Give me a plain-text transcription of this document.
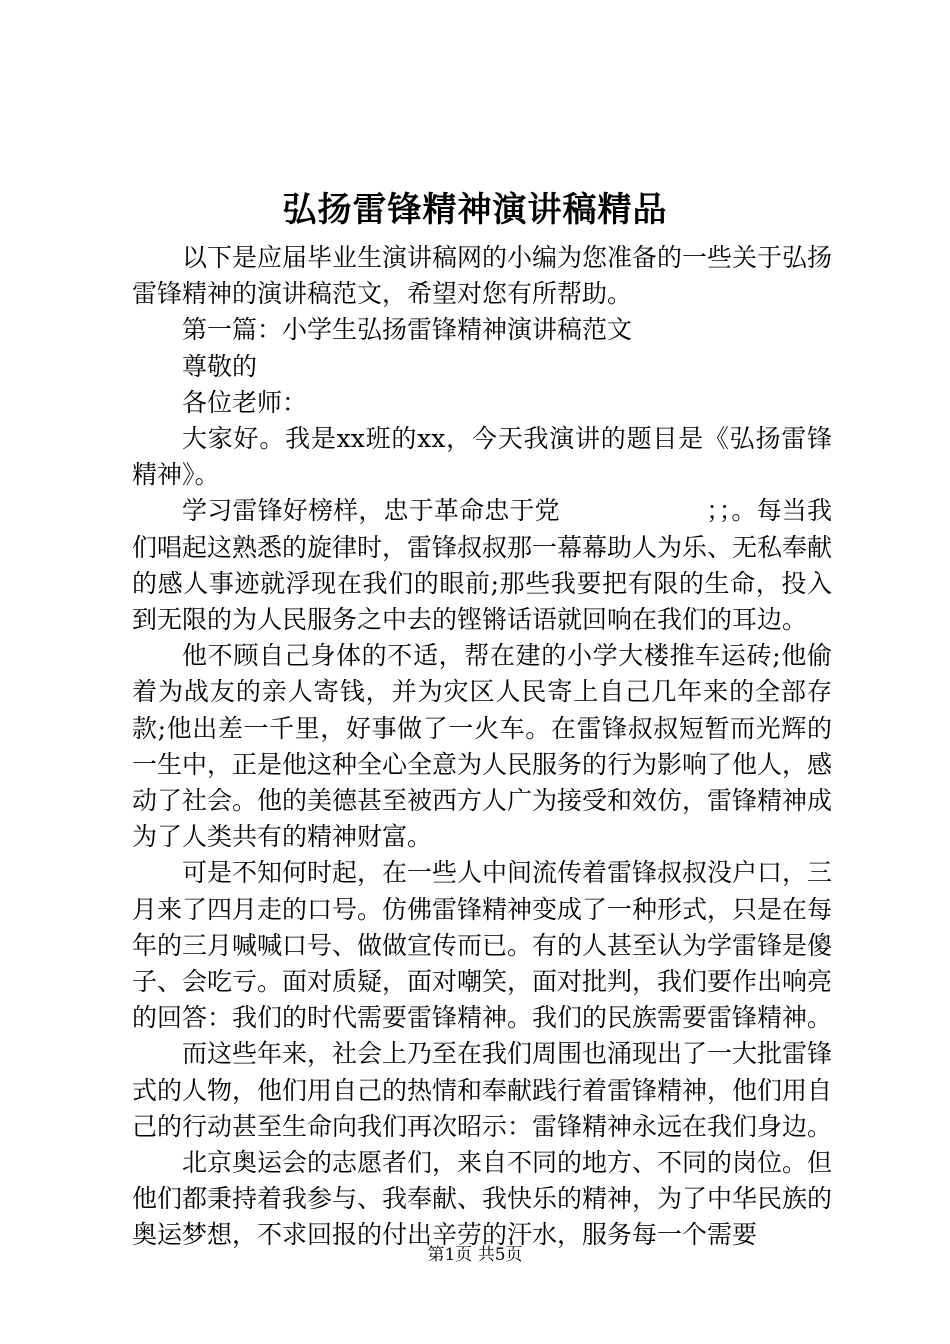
弘扬雷锋精神演讲稿精品

以下是应届毕业生演讲稿网的小编为您准备的一些关于弘扬雷锋精神的演讲稿范文，希望对您有所帮助。

第一篇：小学生弘扬雷锋精神演讲稿范文

尊敬的

各位老师：

大家好。我是xx班的xx，今天我演讲的题目是《弘扬雷锋精神》。

学习雷锋好榜样，忠于革命忠于党                  ；；。每当我们唱起这熟悉的旋律时，雷锋叔叔那一幕幕助人为乐、无私奉献的感人事迹就浮现在我们的眼前;那些我要把有限的生命，投入到无限的为人民服务之中去的铿锵话语就回响在我们的耳边。

他不顾自己身体的不适，帮在建的小学大楼推车运砖;他偷着为战友的亲人寄钱，并为灾区人民寄上自己几年来的全部存款;他出差一千里，好事做了一火车。在雷锋叔叔短暂而光辉的一生中，正是他这种全心全意为人民服务的行为影响了他人，感动了社会。他的美德甚至被西方人广为接受和效仿，雷锋精神成为了人类共有的精神财富。

可是不知何时起，在一些人中间流传着雷锋叔叔没户口，三月来了四月走的口号。仿佛雷锋精神变成了一种形式，只是在每年的三月喊喊口号、做做宣传而已。有的人甚至认为学雷锋是傻子、会吃亏。面对质疑，面对嘲笑，面对批判，我们要作出响亮的回答：我们的时代需要雷锋精神。我们的民族需要雷锋精神。

而这些年来，社会上乃至在我们周围也涌现出了一大批雷锋式的人物，他们用自己的热情和奉献践行着雷锋精神，他们用自己的行动甚至生命向我们再次昭示：雷锋精神永远在我们身边。

北京奥运会的志愿者们，来自不同的地方、不同的岗位。但他们都秉持着我参与、我奉献、我快乐的精神，为了中华民族的奥运梦想，不求回报的付出辛劳的汗水，服务每一个需要

第1页 共5页
